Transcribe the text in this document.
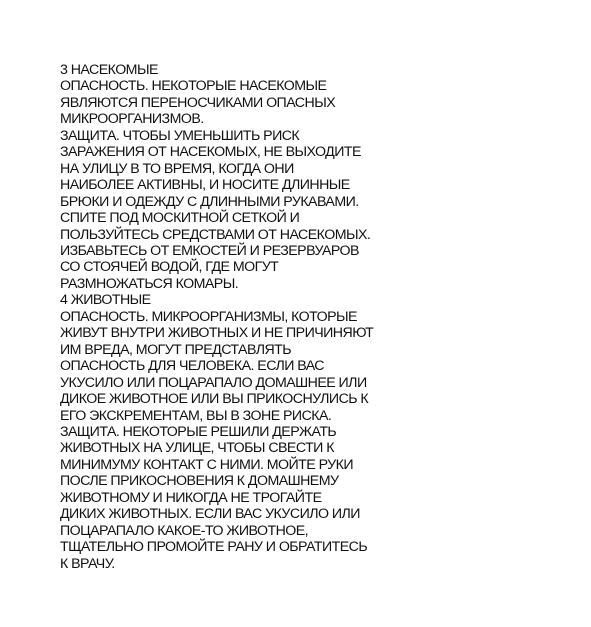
3 НАСЕКОМЫЕ
ОПАСНОСТЬ. НЕКОТОРЫЕ НАСЕКОМЫЕ
ЯВЛЯЮТСЯ ПЕРЕНОСЧИКАМИ ОПАСНЫХ
МИКРООРГАНИЗМОВ.
ЗАЩИТА. ЧТОБЫ УМЕНЬШИТЬ РИСК
ЗАРАЖЕНИЯ ОТ НАСЕКОМЫХ, НЕ ВЫХОДИТЕ
НА УЛИЦУ В ТО ВРЕМЯ, КОГДА ОНИ
НАИБОЛЕЕ АКТИВНЫ, И НОСИТЕ ДЛИННЫЕ
БРЮКИ И ОДЕЖДУ С ДЛИННЫМИ РУКАВАМИ.
СПИТЕ ПОД МОСКИТНОЙ СЕТКОЙ И
ПОЛЬЗУЙТЕСЬ СРЕДСТВАМИ ОТ НАСЕКОМЫХ.
ИЗБАВЬТЕСЬ ОТ ЕМКОСТЕЙ И РЕЗЕРВУАРОВ
СО СТОЯЧЕЙ ВОДОЙ, ГДЕ МОГУТ
РАЗМНОЖАТЬСЯ КОМАРЫ.
4 ЖИВОТНЫЕ
ОПАСНОСТЬ. МИКРООРГАНИЗМЫ, КОТОРЫЕ
ЖИВУТ ВНУТРИ ЖИВОТНЫХ И НЕ ПРИЧИНЯЮТ
ИМ ВРЕДА, МОГУТ ПРЕДСТАВЛЯТЬ
ОПАСНОСТЬ ДЛЯ ЧЕЛОВЕКА. ЕСЛИ ВАС
УКУСИЛО ИЛИ ПОЦАРАПАЛО ДОМАШНЕЕ ИЛИ
ДИКОЕ ЖИВОТНОЕ ИЛИ ВЫ ПРИКОСНУЛИСЬ К
ЕГО ЭКСКРЕМЕНТАМ, ВЫ В ЗОНЕ РИСКА.
ЗАЩИТА. НЕКОТОРЫЕ РЕШИЛИ ДЕРЖАТЬ
ЖИВОТНЫХ НА УЛИЦЕ, ЧТОБЫ СВЕСТИ К
МИНИМУМУ КОНТАКТ С НИМИ. МОЙТЕ РУКИ
ПОСЛЕ ПРИКОСНОВЕНИЯ К ДОМАШНЕМУ
ЖИВОТНОМУ И НИКОГДА НЕ ТРОГАЙТЕ
ДИКИХ ЖИВОТНЫХ. ЕСЛИ ВАС УКУСИЛО ИЛИ
ПОЦАРАПАЛО КАКОЕ-ТО ЖИВОТНОЕ,
ТЩАТЕЛЬНО ПРОМОЙТЕ РАНУ И ОБРАТИТЕСЬ
К ВРАЧУ.
